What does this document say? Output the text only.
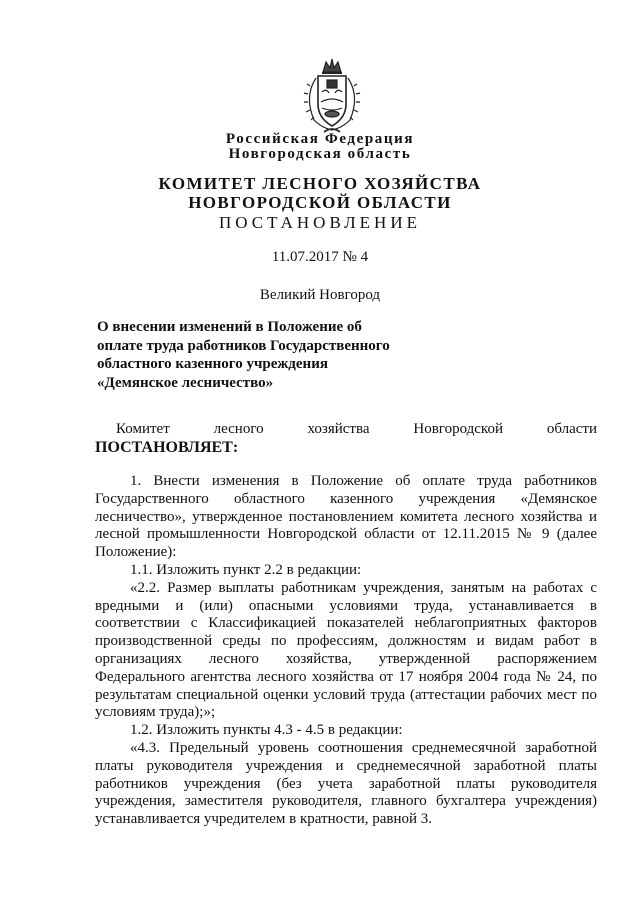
Российская Федерация
Новгородская область
КОМИТЕТ ЛЕСНОГО ХОЗЯЙСТВА
НОВГОРОДСКОЙ ОБЛАСТИ
ПОСТАНОВЛЕНИЕ
11.07.2017 № 4
Великий Новгород
О внесении изменений в Положение об
оплате труда работников Государственного
областного казенного учреждения
«Демянское лесничество»
Комитет лесного хозяйства Новгородской области
ПОСТАНОВЛЯЕТ:
1. Внести изменения в Положение об оплате труда работников
Государственного областного казенного учреждения «Демянское
лесничество», утвержденное постановлением комитета лесного хозяйства и
лесной промышленности Новгородской области от 12.11.2015 № 9 (далее
Положение):
1.1. Изложить пункт 2.2 в редакции:
«2.2. Размер выплаты работникам учреждения, занятым на работах с
вредными и (или) опасными условиями труда, устанавливается в
соответствии с Классификацией показателей неблагоприятных факторов
производственной среды по профессиям, должностям и видам работ в
организациях лесного хозяйства, утвержденной распоряжением
Федерального агентства лесного хозяйства от 17 ноября 2004 года № 24, по
результатам специальной оценки условий труда (аттестации рабочих мест по
условиям труда);»;
1.2. Изложить пункты 4.3 - 4.5 в редакции:
«4.3. Предельный уровень соотношения среднемесячной заработной
платы руководителя учреждения и среднемесячной заработной платы
работников учреждения (без учета заработной платы руководителя
учреждения, заместителя руководителя, главного бухгалтера учреждения)
устанавливается учредителем в кратности, равной 3.
